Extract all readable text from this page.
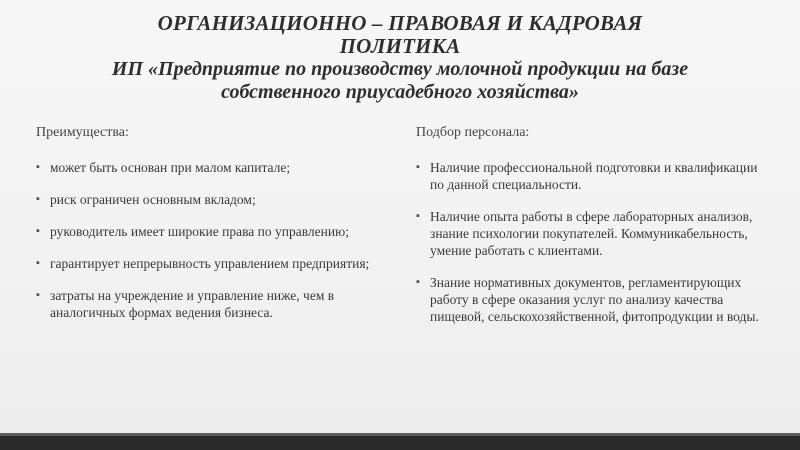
ОРГАНИЗАЦИОННО – ПРАВОВАЯ И КАДРОВАЯ
ПОЛИТИКА
ИП «Предприятие по производству молочной продукции на базе
собственного приусадебного хозяйства»
Преимущества:
▪ может быть основан при малом капитале;
▪ риск ограничен основным вкладом;
▪ руководитель имеет широкие права по управлению;
▪ гарантирует непрерывность управлением предприятия;
▪ затраты на учреждение и управление ниже, чем в аналогичных формах ведения бизнеса.
Подбор персонала:
▪ Наличие профессиональной подготовки и квалификации по данной специальности.
▪ Наличие опыта работы в сфере лабораторных анализов, знание психологии покупателей. Коммуникабельность, умение работать с клиентами.
▪ Знание нормативных документов, регламентирующих работу в сфере оказания услуг по анализу качества пищевой, сельскохозяйственной, фитопродукции и воды.
